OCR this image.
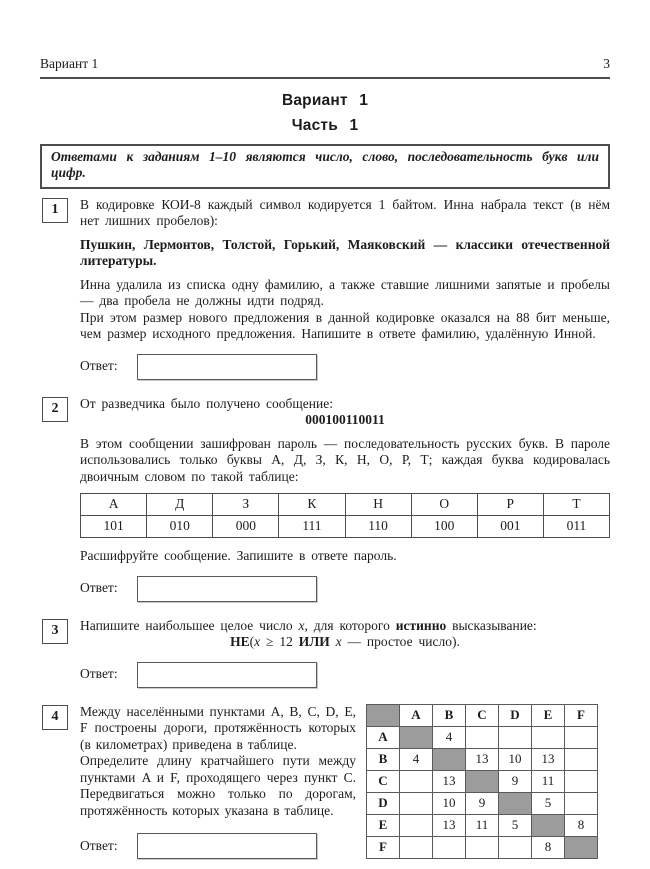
Вариант 1	3
Вариант 1
Часть 1
Ответами к заданиям 1–10 являются число, слово, последовательность букв или цифр.
1	В кодировке КОИ-8 каждый символ кодируется 1 байтом. Инна набрала текст (в нём нет лишних пробелов):

Пушкин, Лермонтов, Толстой, Горький, Маяковский — классики отечественной литературы.

Инна удалила из списка одну фамилию, а также ставшие лишними запятые и пробелы — два пробела не должны идти подряд.

При этом размер нового предложения в данной кодировке оказался на 88 бит меньше, чем размер исходного предложения. Напишите в ответе фамилию, удалённую Инной.

Ответ:
2	От разведчика было получено сообщение:

000100110011

В этом сообщении зашифрован пароль — последовательность русских букв. В пароле использовались только буквы А, Д, З, К, Н, О, Р, Т; каждая буква кодировалась двоичным словом по такой таблице:

А	Д	З	К	Н	О	Р	Т
101	010	000	111	110	100	001	011

Расшифруйте сообщение. Запишите в ответе пароль.

Ответ:
3	Напишите наибольшее целое число x, для которого истинно высказывание:

НЕ(x ≥ 12 ИЛИ x — простое число).

Ответ:
4	Между населёнными пунктами A, B, C, D, E, F построены дороги, протяжённость которых (в километрах) приведена в таблице.

Определите длину кратчайшего пути между пунктами A и F, проходящего через пункт C. Передвигаться можно только по дорогам, протяжённость которых указана в таблице.

Ответ:
	A	B	C	D	E	F
A		4				
B	4		13	10	13	
C		13		9	11	
D		10	9		5	
E		13	11	5		8
F					8	
